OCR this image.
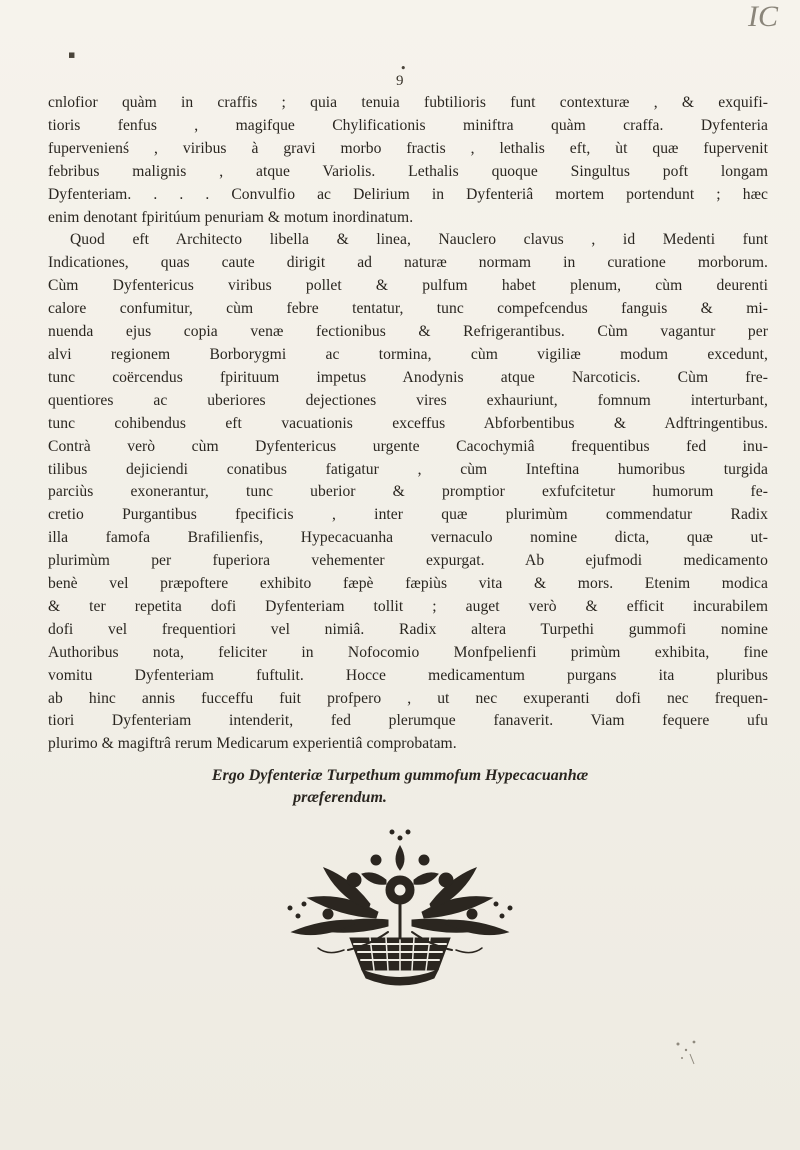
IC
9
▪
•

cnlofior quàm in craffis ; quia tenuia fubtilioris funt contexturæ , & exquifi-
tioris fenfus , magifque Chylificationis miniftra quàm craffa. Dyfenteria
fupervenienś , viribus à gravi morbo fractis , lethalis eft, ùt quæ fupervenit
febribus malignis , atque Variolis. Lethalis quoque Singultus poft longam
Dyfenteriam. . . . Convulfio ac Delirium in Dyfenteriâ mortem portendunt ; hæc
enim denotant fpiritúum penuriam & motum inordinatum.

Quod eft Architecto libella & linea, Nauclero clavus , id Medenti funt
Indicationes, quas caute dirigit ad naturæ normam in curatione morborum.
Cùm Dyfentericus viribus pollet & pulfum habet plenum, cùm deurenti
calore confumitur, cùm febre tentatur, tunc compefcendus fanguis & mi-
nuenda ejus copia venæ fectionibus & Refrigerantibus. Cùm vagantur per
alvi regionem Borborygmi ac tormina, cùm vigiliæ modum excedunt,
tunc coërcendus fpirituum impetus Anodynis atque Narcoticis. Cùm fre-
quentiores ac uberiores dejectiones vires exhauriunt, fomnum interturbant,
tunc cohibendus eft vacuationis exceffus Abforbentibus & Adftringentibus.
Contrà verò cùm Dyfentericus urgente Cacochymiâ frequentibus fed inu-
tilibus dejiciendi conatibus fatigatur , cùm Inteftina humoribus turgida
parciùs exonerantur, tunc uberior & promptior exfufcitetur humorum fe-
cretio Purgantibus fpecificis , inter quæ plurimùm commendatur Radix
illa famofa Brafilienfis, Hypecacuanha vernaculo nomine dicta, quæ ut-
plurimùm per fuperiora vehementer expurgat. Ab ejufmodi medicamento
benè vel præpoftere exhibito fæpè fæpiùs vita & mors. Etenim modica
& ter repetita dofi Dyfenteriam tollit ; auget verò & efficit incurabilem
dofi vel frequentiori vel nimiâ. Radix altera Turpethi gummofi nomine
Authoribus nota, feliciter in Nofocomio Monfpelienfi primùm exhibita, fine
vomitu Dyfenteriam fuftulit. Hocce medicamentum purgans ita pluribus
ab hinc annis fucceffu fuit profpero , ut nec exuperanti dofi nec frequen-
tiori Dyfenteriam intenderit, fed plerumque fanaverit. Viam fequere ufu
plurimo & magiftrâ rerum Medicarum experientiâ comprobatam.

Ergo Dyfenteriæ Turpethum gummofum Hypecacuanhæ
præferendum.
